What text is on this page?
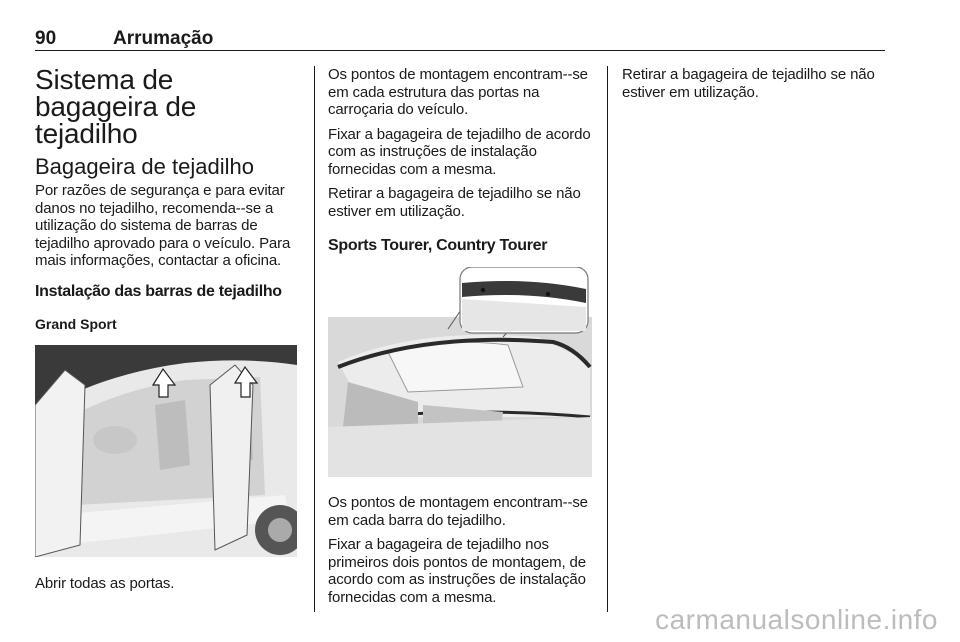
90	Arrumação
Sistema de bagageira de tejadilho
Bagageira de tejadilho

Por razões de segurança e para evitar danos no tejadilho, recomenda--se a utilização do sistema de barras de tejadilho aprovado para o veículo. Para mais informações, contactar a oficina.

Instalação das barras de tejadilho
Grand Sport

Abrir todas as portas.

Os pontos de montagem encontram--se em cada estrutura das portas na carroçaria do veículo.

Fixar a bagageira de tejadilho de acordo com as instruções de instalação fornecidas com a mesma.

Retirar a bagageira de tejadilho se não estiver em utilização.

Sports Tourer, Country Tourer

Os pontos de montagem encontram--se em cada barra do tejadilho.

Fixar a bagageira de tejadilho nos primeiros dois pontos de montagem, de acordo com as instruções de instalação fornecidas com a mesma.

Retirar a bagageira de tejadilho se não estiver em utilização.

carmanualsonline.info
